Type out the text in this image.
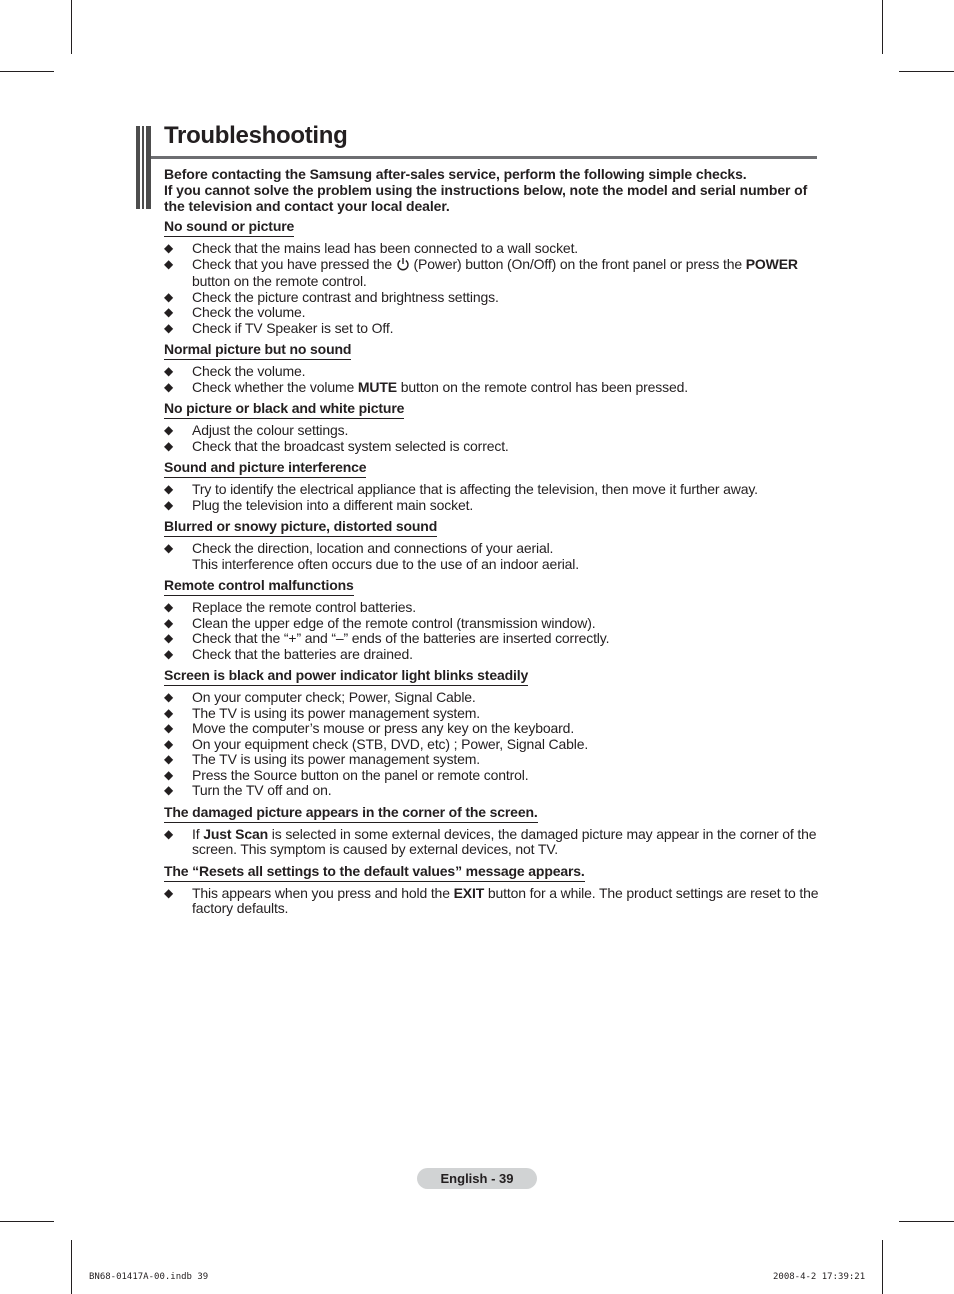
Troubleshooting
Before contacting the Samsung after-sales service, perform the following simple checks.
If you cannot solve the problem using the instructions below, note the model and serial number of the television and contact your local dealer.
No sound or picture
◆ Check that the mains lead has been connected to a wall socket.
◆ Check that you have pressed the  (Power) button (On/Off) on the front panel or press the POWER button on the remote control.
◆ Check the picture contrast and brightness settings.
◆ Check the volume.
◆ Check if TV Speaker is set to Off.
Normal picture but no sound
◆ Check the volume.
◆ Check whether the volume MUTE button on the remote control has been pressed.
No picture or black and white picture
◆ Adjust the colour settings.
◆ Check that the broadcast system selected is correct.
Sound and picture interference
◆ Try to identify the electrical appliance that is affecting the television, then move it further away.
◆ Plug the television into a different main socket.
Blurred or snowy picture, distorted sound
◆ Check the direction, location and connections of your aerial.
This interference often occurs due to the use of an indoor aerial.
Remote control malfunctions
◆ Replace the remote control batteries.
◆ Clean the upper edge of the remote control (transmission window).
◆ Check that the “+” and “–” ends of the batteries are inserted correctly.
◆ Check that the batteries are drained.
Screen is black and power indicator light blinks steadily
◆ On your computer check; Power, Signal Cable.
◆ The TV is using its power management system.
◆ Move the computer’s mouse or press any key on the keyboard.
◆ On your equipment check (STB, DVD, etc) ; Power, Signal Cable.
◆ The TV is using its power management system.
◆ Press the Source button on the panel or remote control.
◆ Turn the TV off and on.
The damaged picture appears in the corner of the screen.
◆ If Just Scan is selected in some external devices, the damaged picture may appear in the corner of the screen. This symptom is caused by external devices, not TV.
The “Resets all settings to the default values” message appears.
◆ This appears when you press and hold the EXIT button for a while. The product settings are reset to the factory defaults.
English - 39
BN68-01417A-00.indb 39	2008-4-2 17:39:21
